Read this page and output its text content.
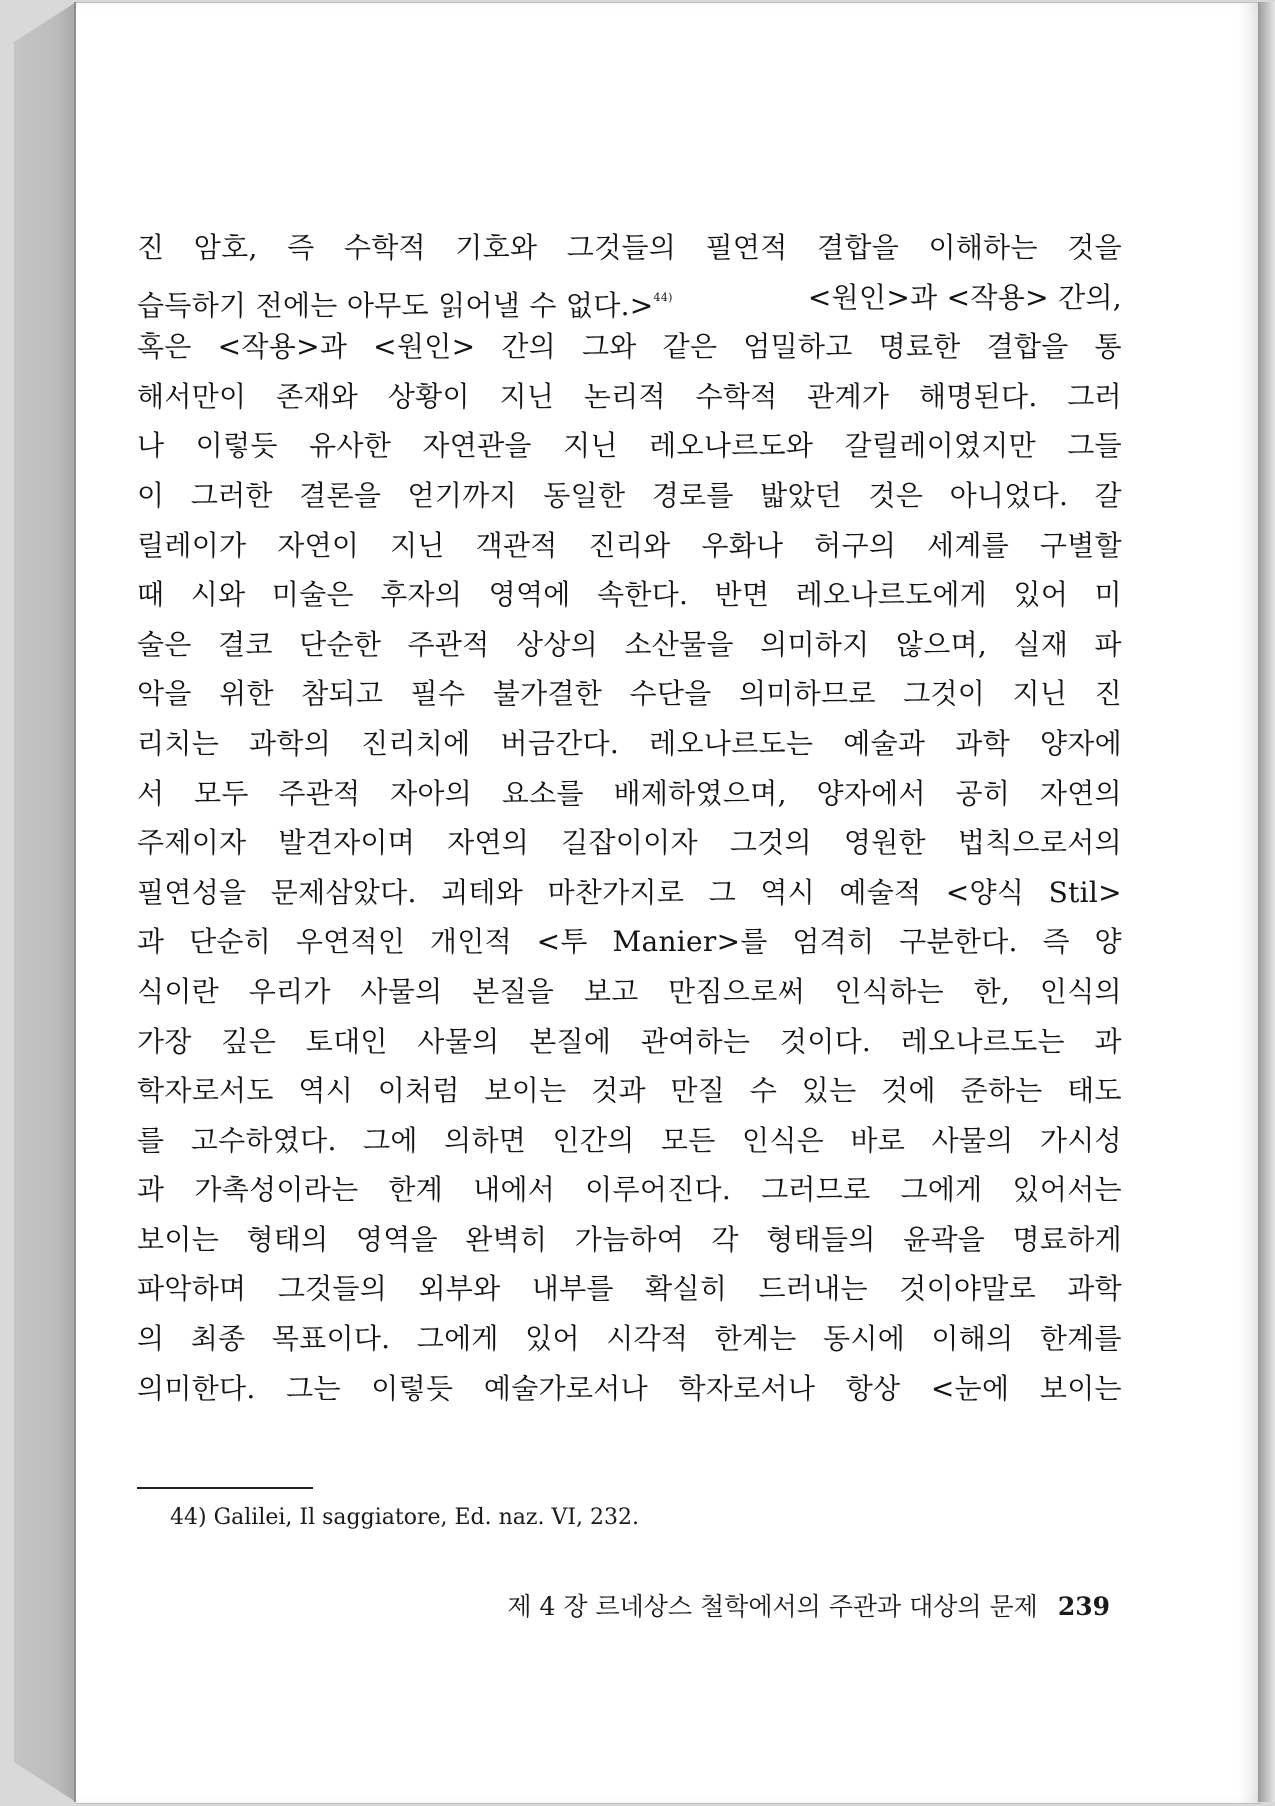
진 암호, 즉 수학적 기호와 그것들의 필연적 결합을 이해하는 것을
습득하기 전에는 아무도 읽어낼 수 없다.>$^{44)}$	<원인>과 <작용> 간의,
혹은 <작용>과 <원인> 간의 그와 같은 엄밀하고 명료한 결합을 통
해서만이 존재와 상황이 지닌 논리적 수학적 관계가 해명된다. 그러
나 이렇듯 유사한 자연관을 지닌 레오나르도와 갈릴레이였지만 그들
이 그러한 결론을 얻기까지 동일한 경로를 밟았던 것은 아니었다. 갈
릴레이가 자연이 지닌 객관적 진리와 우화나 허구의 세계를 구별할
때 시와 미술은 후자의 영역에 속한다. 반면 레오나르도에게 있어 미
술은 결코 단순한 주관적 상상의 소산물을 의미하지 않으며, 실재 파
악을 위한 참되고 필수 불가결한 수단을 의미하므로 그것이 지닌 진
리치는 과학의 진리치에 버금간다. 레오나르도는 예술과 과학 양자에
서 모두 주관적 자아의 요소를 배제하였으며, 양자에서 공히 자연의
주제이자 발견자이며 자연의 길잡이이자 그것의 영원한 법칙으로서의
필연성을 문제삼았다. 괴테와 마찬가지로 그 역시 예술적 <양식 Stil>
과 단순히 우연적인 개인적 <투 Manier>를 엄격히 구분한다. 즉 양
식이란 우리가 사물의 본질을 보고 만짐으로써 인식하는 한, 인식의
가장 깊은 토대인 사물의 본질에 관여하는 것이다. 레오나르도는 과
학자로서도 역시 이처럼 보이는 것과 만질 수 있는 것에 준하는 태도
를 고수하였다. 그에 의하면 인간의 모든 인식은 바로 사물의 가시성
과 가촉성이라는 한계 내에서 이루어진다. 그러므로 그에게 있어서는
보이는 형태의 영역을 완벽히 가늠하여 각 형태들의 윤곽을 명료하게
파악하며 그것들의 외부와 내부를 확실히 드러내는 것이야말로 과학
의 최종 목표이다. 그에게 있어 시각적 한계는 동시에 이해의 한계를
의미한다. 그는 이렇듯 예술가로서나 학자로서나 항상 <눈에 보이는
44) Galilei, Il saggiatore, Ed. naz. VI, 232.
제 4 장 르네상스 철학에서의 주관과 대상의 문제 239
